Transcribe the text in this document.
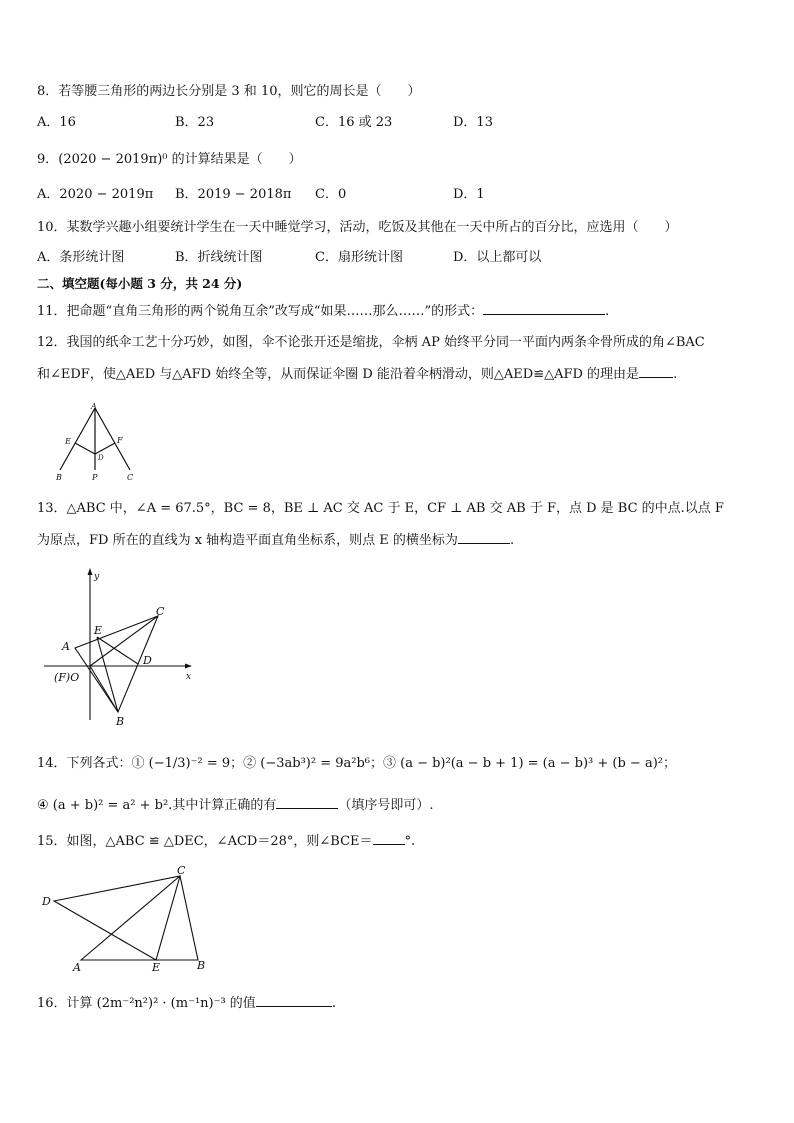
8．若等腰三角形的两边长分别是 3 和 10，则它的周长是（　　）
A．16	B．23	C．16 或 23	D．13
9．(2020 − 2019π)⁰ 的计算结果是（　　）
A．2020 − 2019π B．2019 − 2018π C．0	D．1
10．某数学兴趣小组要统计学生在一天中睡觉学习，活动，吃饭及其他在一天中所占的百分比，应选用（　　）
A．条形统计图	B．折线统计图	C．扇形统计图	D．以上都可以
二、填空题(每小题 3 分，共 24 分)
11．把命题“直角三角形的两个锐角互余”改写成“如果……那么……”的形式：	.
12．我国的纸伞工艺十分巧妙，如图，伞不论张开还是缩拢，伞柄 AP 始终平分同一平面内两条伞骨所成的角∠BAC
和∠EDF，使△AED 与△AFD 始终全等，从而保证伞圈 D 能沿着伞柄滑动，则△AED≌△AFD 的理由是	.
A
E	F
D
B	P	C
13．△ABC 中，∠A = 67.5°，BC = 8，BE ⊥ AC 交 AC 于 E，CF ⊥ AB 交 AB 于 F，点 D 是 BC 的中点.以点 F
为原点，FD 所在的直线为 x 轴构造平面直角坐标系，则点 E 的横坐标为	.
y
x
A
E
C
D
(F)O
B
14．下列各式：① (−1/3)⁻² = 9；② (−3ab³)² = 9a²b⁶；③ (a − b)²(a − b + 1) = (a − b)³ + (b − a)²；
④ (a + b)² = a² + b².其中计算正确的有	（填序号即可）.
15．如图，△ABC ≌ △DEC，∠ACD＝28°，则∠BCE＝ °.
C
D
A	E	B
16．计算 (2m⁻²n²)² · (m⁻¹n)⁻³ 的值	.
